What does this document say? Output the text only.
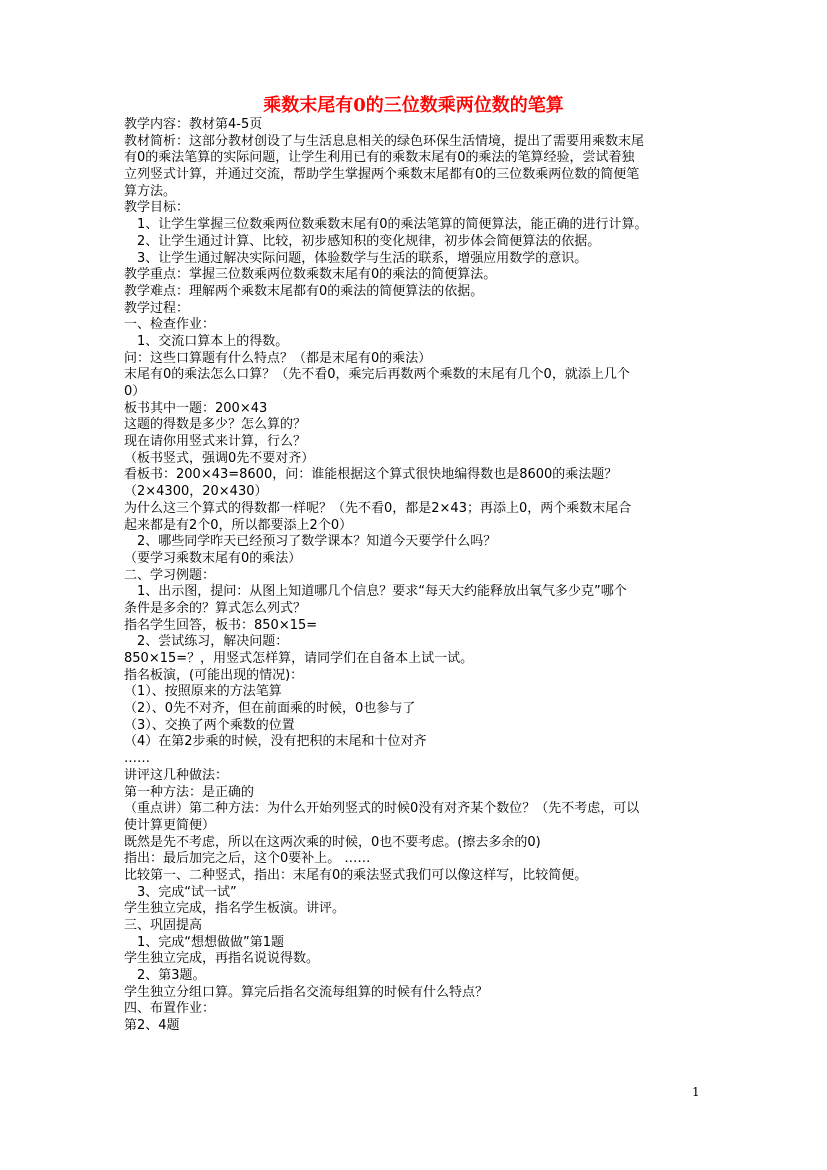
乘数末尾有0的三位数乘两位数的笔算
教学内容：教材第4-5页
教材简析：这部分教材创设了与生活息息相关的绿色环保生活情境，提出了需要用乘数末尾
有0的乘法笔算的实际问题，让学生利用已有的乘数末尾有0的乘法的笔算经验，尝试着独
立列竖式计算，并通过交流，帮助学生掌握两个乘数末尾都有0的三位数乘两位数的简便笔
算方法。
教学目标：
1、让学生掌握三位数乘两位数乘数末尾有0的乘法笔算的简便算法，能正确的进行计算。
2、让学生通过计算、比较，初步感知积的变化规律，初步体会简便算法的依据。
3、让学生通过解决实际问题，体验数学与生活的联系，增强应用数学的意识。
教学重点：掌握三位数乘两位数乘数末尾有0的乘法的简便算法。
教学难点：理解两个乘数末尾都有0的乘法的简便算法的依据。
教学过程：
一、检查作业：
1、交流口算本上的得数。
问：这些口算题有什么特点？（都是末尾有0的乘法）
末尾有0的乘法怎么口算？（先不看0，乘完后再数两个乘数的末尾有几个0，就添上几个
0）
板书其中一题：200×43
这题的得数是多少？怎么算的？
现在请你用竖式来计算，行么？
（板书竖式，强调0先不要对齐）
看板书：200×43=8600，问：谁能根据这个算式很快地编得数也是8600的乘法题？
（2×4300，20×430）
为什么这三个算式的得数都一样呢？（先不看0，都是2×43；再添上0，两个乘数末尾合
起来都是有2个0，所以都要添上2个0）
2、哪些同学昨天已经预习了数学课本？知道今天要学什么吗？
（要学习乘数末尾有0的乘法）
二、学习例题：
1、出示图，提问：从图上知道哪几个信息？要求“每天大约能释放出氧气多少克”哪个
条件是多余的？算式怎么列式？
指名学生回答，板书：850×15=
2、尝试练习，解决问题：
850×15=？，用竖式怎样算，请同学们在自备本上试一试。
指名板演，(可能出现的情况)：
（1）、按照原来的方法笔算
（2）、0先不对齐，但在前面乘的时候，0也参与了
（3）、交换了两个乘数的位置
（4）在第2步乘的时候，没有把积的末尾和十位对齐
……
讲评这几种做法：
第一种方法：是正确的
（重点讲）第二种方法：为什么开始列竖式的时候0没有对齐某个数位？（先不考虑，可以
使计算更简便）
既然是先不考虑，所以在这两次乘的时候，0也不要考虑。(擦去多余的0)
指出：最后加完之后，这个0要补上。 ……
比较第一、二种竖式，指出：末尾有0的乘法竖式我们可以像这样写，比较简便。
3、完成“试一试”
学生独立完成，指名学生板演。讲评。
三、巩固提高
1、完成“想想做做”第1题
学生独立完成，再指名说说得数。
2、第3题。
学生独立分组口算。算完后指名交流每组算的时候有什么特点？
四、布置作业：
第2、4题
1
